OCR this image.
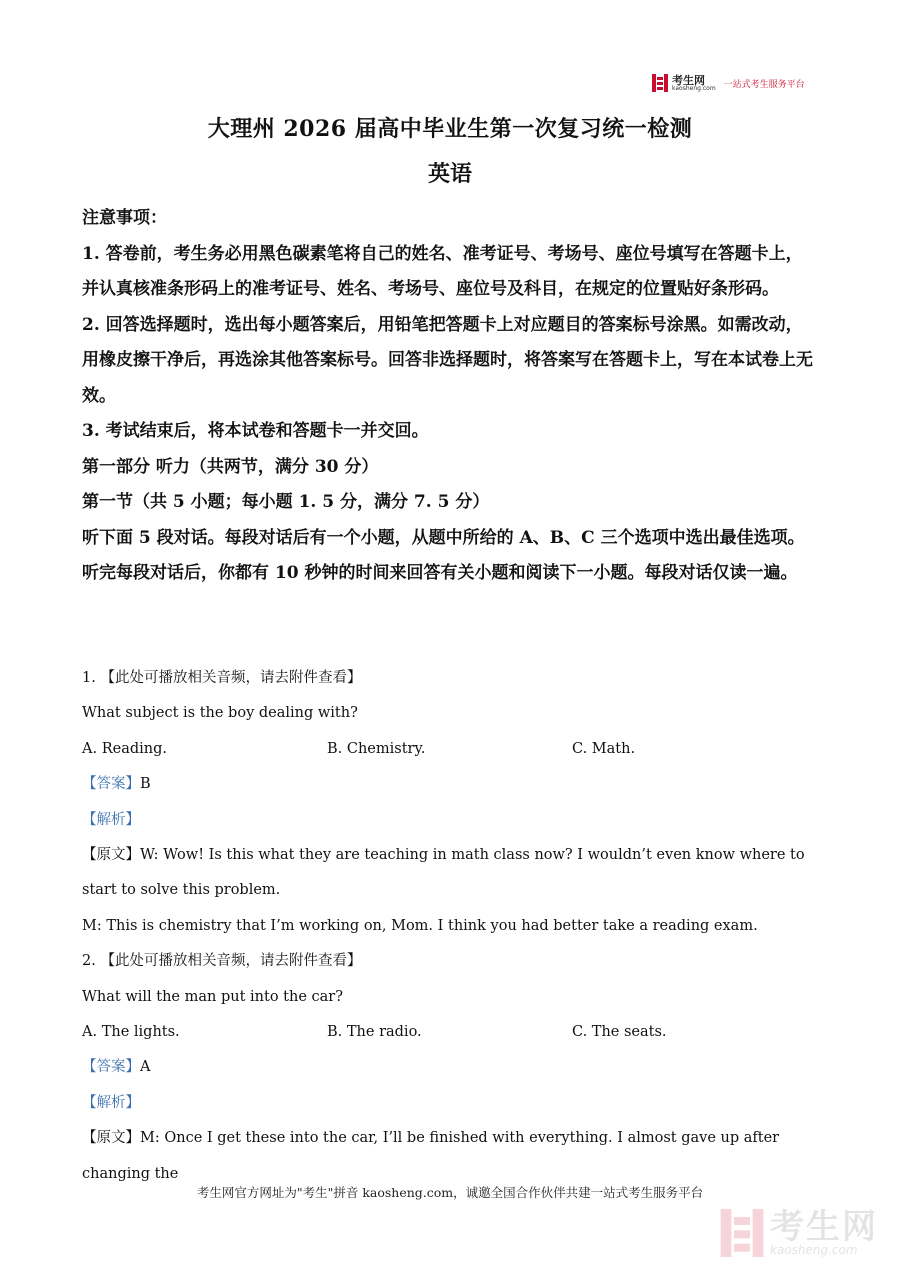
考生网
kaosheng.com 一站式考生服务平台
大理州 2026 届高中毕业生第一次复习统一检测
英语

注意事项：

1. 答卷前，考生务必用黑色碳素笔将自己的姓名、准考证号、考场号、座位号填写在答题卡上，并认真核准条形码上的准考证号、姓名、考场号、座位号及科目，在规定的位置贴好条形码。

2. 回答选择题时，选出每小题答案后，用铅笔把答题卡上对应题目的答案标号涂黑。如需改动，用橡皮擦干净后，再选涂其他答案标号。回答非选择题时，将答案写在答题卡上，写在本试卷上无效。

3. 考试结束后，将本试卷和答题卡一并交回。

第一部分 听力（共两节，满分 30 分）

第一节（共 5 小题；每小题 1. 5 分，满分 7. 5 分）

听下面 5 段对话。每段对话后有一个小题，从题中所给的 A、B、C 三个选项中选出最佳选项。听完每段对话后，你都有 10 秒钟的时间来回答有关小题和阅读下一小题。每段对话仅读一遍。

1. 【此处可播放相关音频，请去附件查看】

What subject is the boy dealing with?

A. Reading.	B. Chemistry.	C. Math.

【答案】B

【解析】

【原文】W: Wow! Is this what they are teaching in math class now? I wouldn’t even know where to start to solve this problem.

M: This is chemistry that I’m working on, Mom. I think you had better take a reading exam.

2. 【此处可播放相关音频，请去附件查看】

What will the man put into the car?

A. The lights.	B. The radio.	C. The seats.

【答案】A

【解析】

【原文】M: Once I get these into the car, I’ll be finished with everything. I almost gave up after changing the

考生网官方网址为"考生"拼音 kaosheng.com，诚邀全国合作伙伴共建一站式考生服务平台
考生网
kaosheng.com
